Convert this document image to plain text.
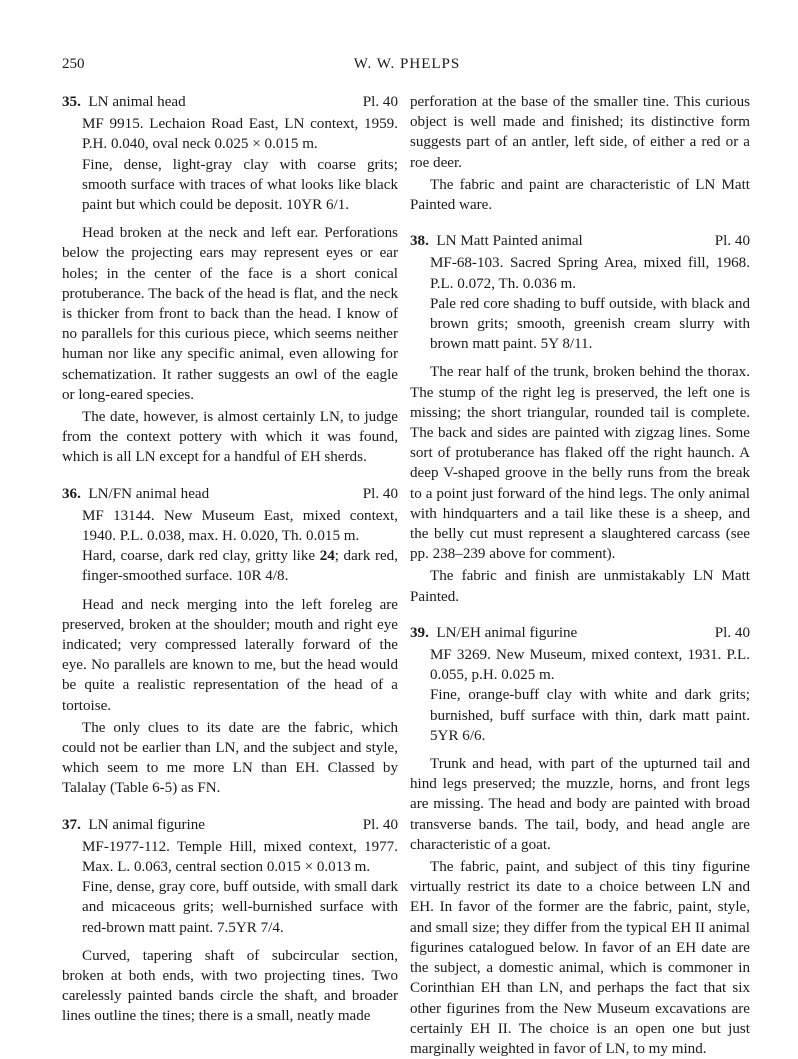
250	W. W. PHELPS
35. LN animal head	Pl. 40
MF 9915. Lechaion Road East, LN context, 1959. P.H. 0.040, oval neck 0.025 × 0.015 m.
Fine, dense, light-gray clay with coarse grits; smooth surface with traces of what looks like black paint but which could be deposit. 10YR 6/1.
Head broken at the neck and left ear. Perforations below the projecting ears may represent eyes or ear holes; in the center of the face is a short conical protuberance. The back of the head is flat, and the neck is thicker from front to back than the head. I know of no parallels for this curious piece, which seems neither human nor like any specific animal, even allowing for schematization. It rather suggests an owl of the eagle or long-eared species.
The date, however, is almost certainly LN, to judge from the context pottery with which it was found, which is all LN except for a handful of EH sherds.
36. LN/FN animal head	Pl. 40
MF 13144. New Museum East, mixed context, 1940. P.L. 0.038, max. H. 0.020, Th. 0.015 m.
Hard, coarse, dark red clay, gritty like 24; dark red, finger-smoothed surface. 10R 4/8.
Head and neck merging into the left foreleg are preserved, broken at the shoulder; mouth and right eye indicated; very compressed laterally forward of the eye. No parallels are known to me, but the head would be quite a realistic representation of the head of a tortoise.
The only clues to its date are the fabric, which could not be earlier than LN, and the subject and style, which seem to me more LN than EH. Classed by Talalay (Table 6-5) as FN.
37. LN animal figurine	Pl. 40
MF-1977-112. Temple Hill, mixed context, 1977. Max. L. 0.063, central section 0.015 × 0.013 m.
Fine, dense, gray core, buff outside, with small dark and micaceous grits; well-burnished surface with red-brown matt paint. 7.5YR 7/4.
Curved, tapering shaft of subcircular section, broken at both ends, with two projecting tines. Two carelessly painted bands circle the shaft, and broader lines outline the tines; there is a small, neatly made
perforation at the base of the smaller tine. This curious object is well made and finished; its distinctive form suggests part of an antler, left side, of either a red or a roe deer.
The fabric and paint are characteristic of LN Matt Painted ware.
38. LN Matt Painted animal	Pl. 40
MF-68-103. Sacred Spring Area, mixed fill, 1968. P.L. 0.072, Th. 0.036 m.
Pale red core shading to buff outside, with black and brown grits; smooth, greenish cream slurry with brown matt paint. 5Y 8/11.
The rear half of the trunk, broken behind the thorax. The stump of the right leg is preserved, the left one is missing; the short triangular, rounded tail is complete. The back and sides are painted with zigzag lines. Some sort of protuberance has flaked off the right haunch. A deep V-shaped groove in the belly runs from the break to a point just forward of the hind legs. The only animal with hindquarters and a tail like these is a sheep, and the belly cut must represent a slaughtered carcass (see pp. 238–239 above for comment).
The fabric and finish are unmistakably LN Matt Painted.
39. LN/EH animal figurine	Pl. 40
MF 3269. New Museum, mixed context, 1931. P.L. 0.055, p.H. 0.025 m.
Fine, orange-buff clay with white and dark grits; burnished, buff surface with thin, dark matt paint. 5YR 6/6.
Trunk and head, with part of the upturned tail and hind legs preserved; the muzzle, horns, and front legs are missing. The head and body are painted with broad transverse bands. The tail, body, and head angle are characteristic of a goat.
The fabric, paint, and subject of this tiny figurine virtually restrict its date to a choice between LN and EH. In favor of the former are the fabric, paint, style, and small size; they differ from the typical EH II animal figurines catalogued below. In favor of an EH date are the subject, a domestic animal, which is commoner in Corinthian EH than LN, and perhaps the fact that six other figurines from the New Museum excavations are certainly EH II. The choice is an open one but just marginally weighted in favor of LN, to my mind.
